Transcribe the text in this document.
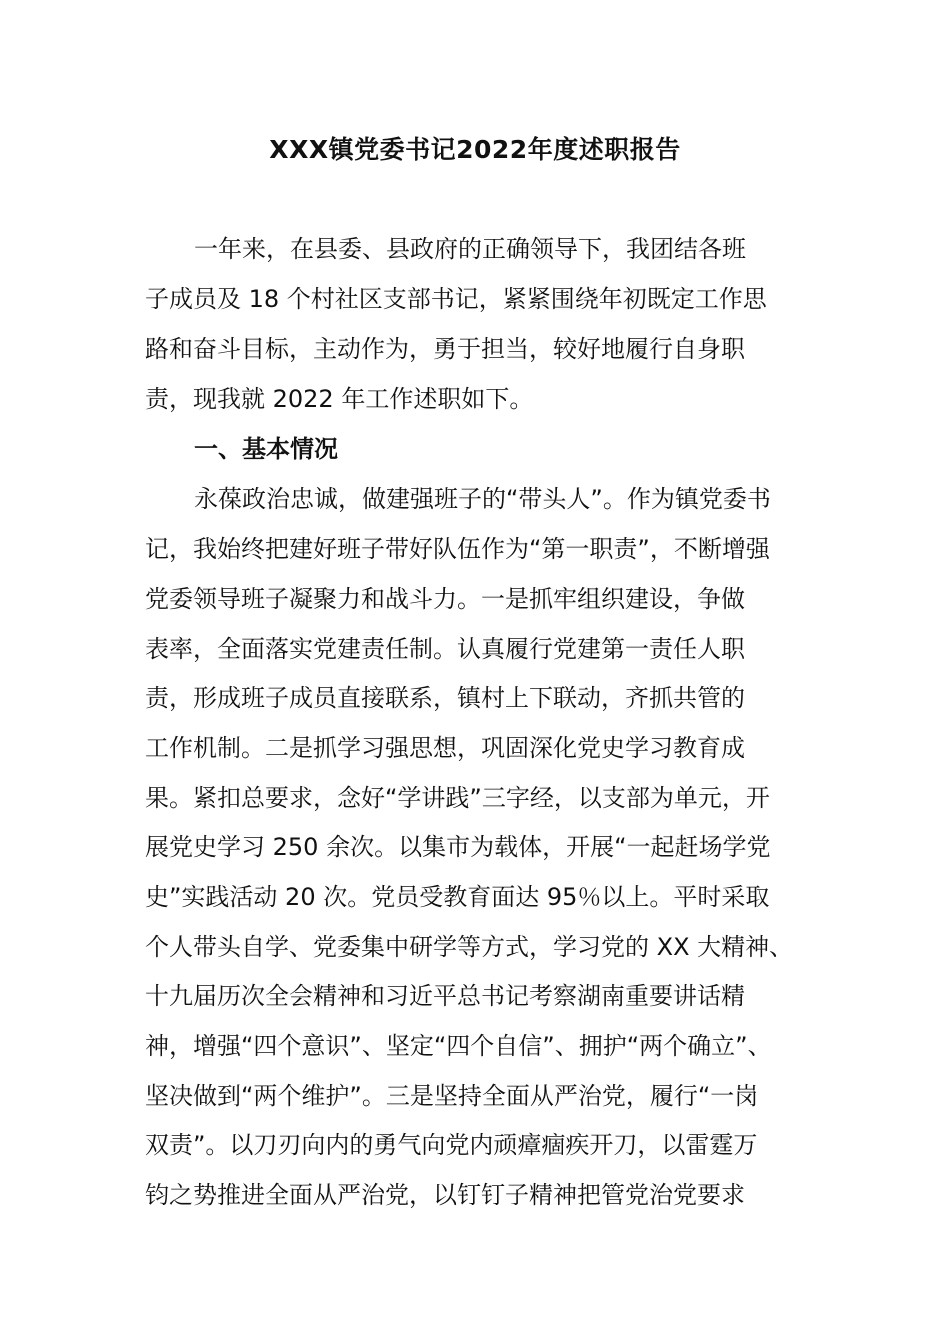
XXX镇党委书记2022年度述职报告
一年来，在县委、县政府的正确领导下，我团结各班
子成员及 18 个村社区支部书记，紧紧围绕年初既定工作思
路和奋斗目标，主动作为，勇于担当，较好地履行自身职
责，现我就 2022 年工作述职如下。
一、基本情况
永葆政治忠诚，做建强班子的“带头人”。作为镇党委书
记，我始终把建好班子带好队伍作为“第一职责”，不断增强
党委领导班子凝聚力和战斗力。一是抓牢组织建设，争做
表率，全面落实党建责任制。认真履行党建第一责任人职
责，形成班子成员直接联系，镇村上下联动，齐抓共管的
工作机制。二是抓学习强思想，巩固深化党史学习教育成
果。紧扣总要求，念好“学讲践”三字经，以支部为单元，开
展党史学习 250 余次。以集市为载体，开展“一起赶场学党
史”实践活动 20 次。党员受教育面达 95％以上。平时采取
个人带头自学、党委集中研学等方式，学习党的 XX 大精神、
十九届历次全会精神和习近平总书记考察湖南重要讲话精
神，增强“四个意识”、坚定“四个自信”、拥护“两个确立”、
坚决做到“两个维护”。三是坚持全面从严治党，履行“一岗
双责”。以刀刃向内的勇气向党内顽瘴痼疾开刀，以雷霆万
钧之势推进全面从严治党，以钉钉子精神把管党治党要求
